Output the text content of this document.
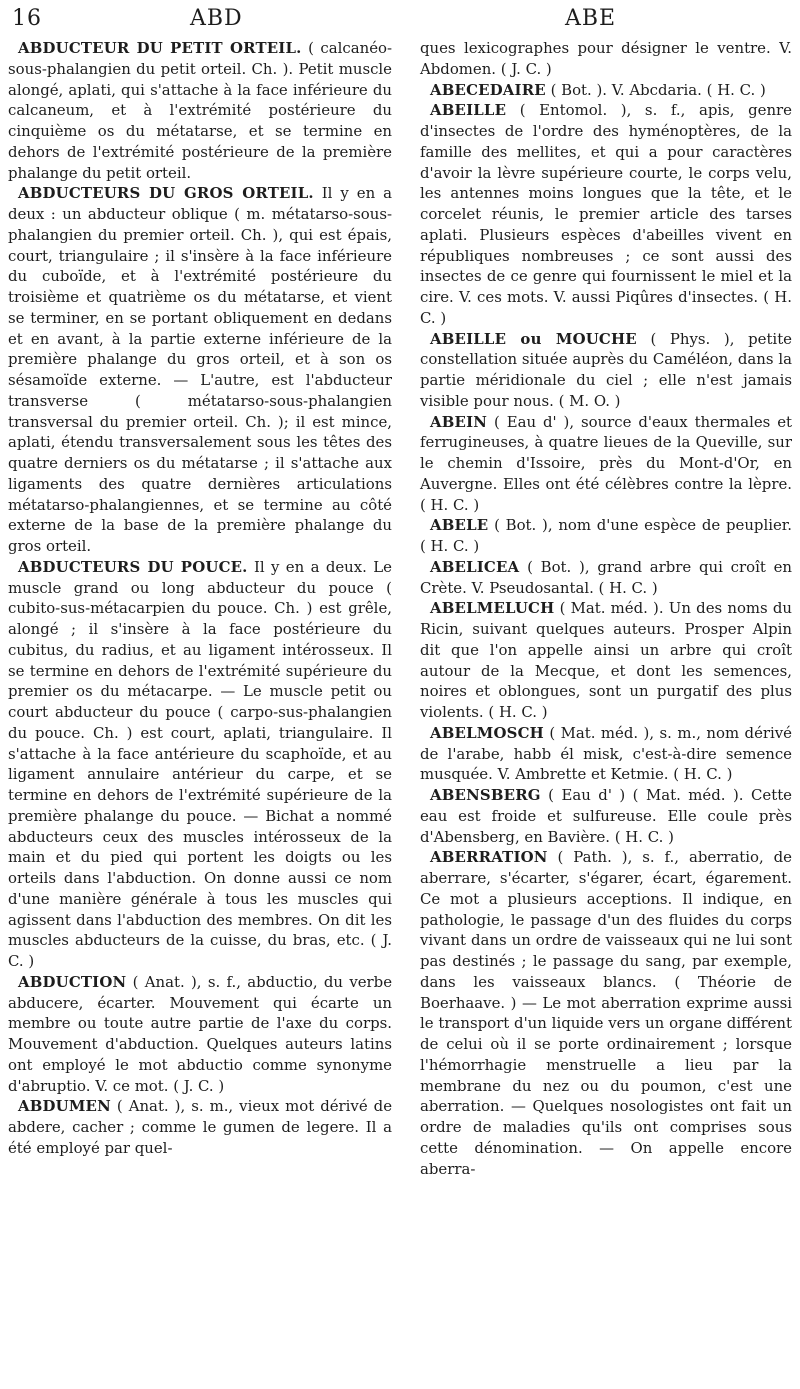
16	ABD	ABE

ABDUCTEUR DU PETIT ORTEIL. ( calcanéo-sous-phalangien du petit orteil. Ch. ). Petit muscle alongé, aplati, qui s'attache à la face inférieure du calcaneum, et à l'extrémité postérieure du cinquième os du métatarse, et se termine en dehors de l'extrémité postérieure de la première phalange du petit orteil.

ABDUCTEURS DU GROS ORTEIL. Il y en a deux : un abducteur oblique ( m. métatarso-sous-phalangien du premier orteil. Ch. ), qui est épais, court, triangulaire ; il s'insère à la face inférieure du cuboïde, et à l'extrémité postérieure du troisième et quatrième os du métatarse, et vient se terminer, en se portant obliquement en dedans et en avant, à la partie externe inférieure de la première phalange du gros orteil, et à son os sésamoïde externe. — L'autre, est l'abducteur transverse ( métatarso-sous-phalangien transversal du premier orteil. Ch. ); il est mince, aplati, étendu transversalement sous les têtes des quatre derniers os du métatarse ; il s'attache aux ligaments des quatre dernières articulations métatarso-phalangiennes, et se termine au côté externe de la base de la première phalange du gros orteil.

ABDUCTEURS DU POUCE. Il y en a deux. Le muscle grand ou long abducteur du pouce ( cubito-sus-métacarpien du pouce. Ch. ) est grêle, alongé ; il s'insère à la face postérieure du cubitus, du radius, et au ligament intérosseux. Il se termine en dehors de l'extrémité supérieure du premier os du métacarpe. — Le muscle petit ou court abducteur du pouce ( carpo-sus-phalangien du pouce. Ch. ) est court, aplati, triangulaire. Il s'attache à la face antérieure du scaphoïde, et au ligament annulaire antérieur du carpe, et se termine en dehors de l'extrémité supérieure de la première phalange du pouce. — Bichat a nommé abducteurs ceux des muscles intérosseux de la main et du pied qui portent les doigts ou les orteils dans l'abduction. On donne aussi ce nom d'une manière générale à tous les muscles qui agissent dans l'abduction des membres. On dit les muscles abducteurs de la cuisse, du bras, etc. ( J. C. )

ABDUCTION ( Anat. ), s. f., abductio, du verbe abducere, écarter. Mouvement qui écarte un membre ou toute autre partie de l'axe du corps. Mouvement d'abduction. Quelques auteurs latins ont employé le mot abductio comme synonyme d'abruptio. V. ce mot. ( J. C. )

ABDUMEN ( Anat. ), s. m., vieux mot dérivé de abdere, cacher ; comme le gumen de legere. Il a été employé par quel-

ques lexicographes pour désigner le ventre. V. Abdomen. ( J. C. )

ABECEDAIRE ( Bot. ). V. Abcdaria. ( H. C. )

ABEILLE ( Entomol. ), s. f., apis, genre d'insectes de l'ordre des hyménoptères, de la famille des mellites, et qui a pour caractères d'avoir la lèvre supérieure courte, le corps velu, les antennes moins longues que la tête, et le corcelet réunis, le premier article des tarses aplati. Plusieurs espèces d'abeilles vivent en républiques nombreuses ; ce sont aussi des insectes de ce genre qui fournissent le miel et la cire. V. ces mots. V. aussi Piqûres d'insectes. ( H. C. )

ABEILLE ou MOUCHE ( Phys. ), petite constellation située auprès du Caméléon, dans la partie méridionale du ciel ; elle n'est jamais visible pour nous. ( M. O. )

ABEIN ( Eau d' ), source d'eaux thermales et ferrugineuses, à quatre lieues de la Queville, sur le chemin d'Issoire, près du Mont-d'Or, en Auvergne. Elles ont été célèbres contre la lèpre. ( H. C. )

ABELE ( Bot. ), nom d'une espèce de peuplier. ( H. C. )

ABELICEA ( Bot. ), grand arbre qui croît en Crète. V. Pseudosantal. ( H. C. )

ABELMELUCH ( Mat. méd. ). Un des noms du Ricin, suivant quelques auteurs. Prosper Alpin dit que l'on appelle ainsi un arbre qui croît autour de la Mecque, et dont les semences, noires et oblongues, sont un purgatif des plus violents. ( H. C. )

ABELMOSCH ( Mat. méd. ), s. m., nom dérivé de l'arabe, habb él misk, c'est-à-dire semence musquée. V. Ambrette et Ketmie. ( H. C. )

ABENSBERG ( Eau d' ) ( Mat. méd. ). Cette eau est froide et sulfureuse. Elle coule près d'Abensberg, en Bavière. ( H. C. )

ABERRATION ( Path. ), s. f., aberratio, de aberrare, s'écarter, s'égarer, écart, égarement. Ce mot a plusieurs acceptions. Il indique, en pathologie, le passage d'un des fluides du corps vivant dans un ordre de vaisseaux qui ne lui sont pas destinés ; le passage du sang, par exemple, dans les vaisseaux blancs. ( Théorie de Boerhaave. ) — Le mot aberration exprime aussi le transport d'un liquide vers un organe différent de celui où il se porte ordinairement ; lorsque l'hémorrhagie menstruelle a lieu par la membrane du nez ou du poumon, c'est une aberration. — Quelques nosologistes ont fait un ordre de maladies qu'ils ont comprises sous cette dénomination. — On appelle encore aberra-
